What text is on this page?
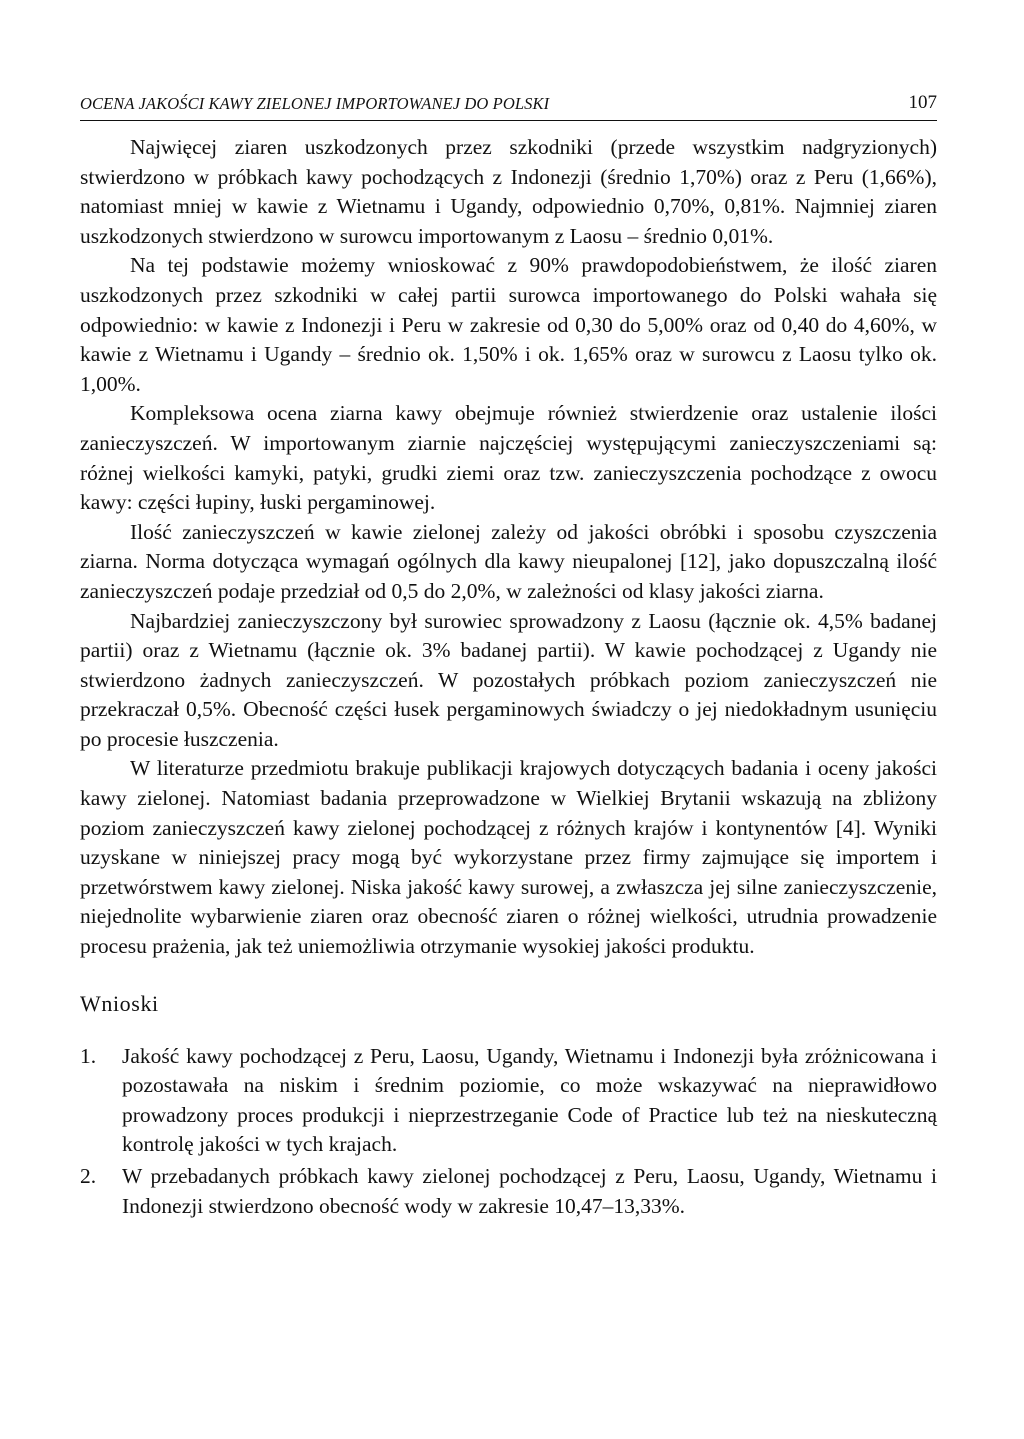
OCENA JAKOŚCI KAWY ZIELONEJ IMPORTOWANEJ DO POLSKI	107

Najwięcej ziaren uszkodzonych przez szkodniki (przede wszystkim nadgryzionych) stwierdzono w próbkach kawy pochodzących z Indonezji (średnio 1,70%) oraz z Peru (1,66%), natomiast mniej w kawie z Wietnamu i Ugandy, odpowiednio 0,70%, 0,81%. Najmniej ziaren uszkodzonych stwierdzono w surowcu importowanym z Laosu – średnio 0,01%.

Na tej podstawie możemy wnioskować z 90% prawdopodobieństwem, że ilość ziaren uszkodzonych przez szkodniki w całej partii surowca importowanego do Polski wahała się odpowiednio: w kawie z Indonezji i Peru w zakresie od 0,30 do 5,00% oraz od 0,40 do 4,60%, w kawie z Wietnamu i Ugandy – średnio ok. 1,50% i ok. 1,65% oraz w surowcu z Laosu tylko ok. 1,00%.

Kompleksowa ocena ziarna kawy obejmuje również stwierdzenie oraz ustalenie ilości zanieczyszczeń. W importowanym ziarnie najczęściej występującymi zanieczyszczeniami są: różnej wielkości kamyki, patyki, grudki ziemi oraz tzw. zanieczyszczenia pochodzące z owocu kawy: części łupiny, łuski pergaminowej.

Ilość zanieczyszczeń w kawie zielonej zależy od jakości obróbki i sposobu czyszczenia ziarna. Norma dotycząca wymagań ogólnych dla kawy nieupalonej [12], jako dopuszczalną ilość zanieczyszczeń podaje przedział od 0,5 do 2,0%, w zależności od klasy jakości ziarna.

Najbardziej zanieczyszczony był surowiec sprowadzony z Laosu (łącznie ok. 4,5% badanej partii) oraz z Wietnamu (łącznie ok. 3% badanej partii). W kawie pochodzącej z Ugandy nie stwierdzono żadnych zanieczyszczeń. W pozostałych próbkach poziom zanieczyszczeń nie przekraczał 0,5%. Obecność części łusek pergaminowych świadczy o jej niedokładnym usunięciu po procesie łuszczenia.

W literaturze przedmiotu brakuje publikacji krajowych dotyczących badania i oceny jakości kawy zielonej. Natomiast badania przeprowadzone w Wielkiej Brytanii wskazują na zbliżony poziom zanieczyszczeń kawy zielonej pochodzącej z różnych krajów i kontynentów [4]. Wyniki uzyskane w niniejszej pracy mogą być wykorzystane przez firmy zajmujące się importem i przetwórstwem kawy zielonej. Niska jakość kawy surowej, a zwłaszcza jej silne zanieczyszczenie, niejednolite wybarwienie ziaren oraz obecność ziaren o różnej wielkości, utrudnia prowadzenie procesu prażenia, jak też uniemożliwia otrzymanie wysokiej jakości produktu.

Wnioski
1.	Jakość kawy pochodzącej z Peru, Laosu, Ugandy, Wietnamu i Indonezji była zróżnicowana i pozostawała na niskim i średnim poziomie, co może wskazywać na nieprawidłowo prowadzony proces produkcji i nieprzestrzeganie Code of Practice lub też na nieskuteczną kontrolę jakości w tych krajach.
2.	W przebadanych próbkach kawy zielonej pochodzącej z Peru, Laosu, Ugandy, Wietnamu i Indonezji stwierdzono obecność wody w zakresie 10,47–13,33%.
